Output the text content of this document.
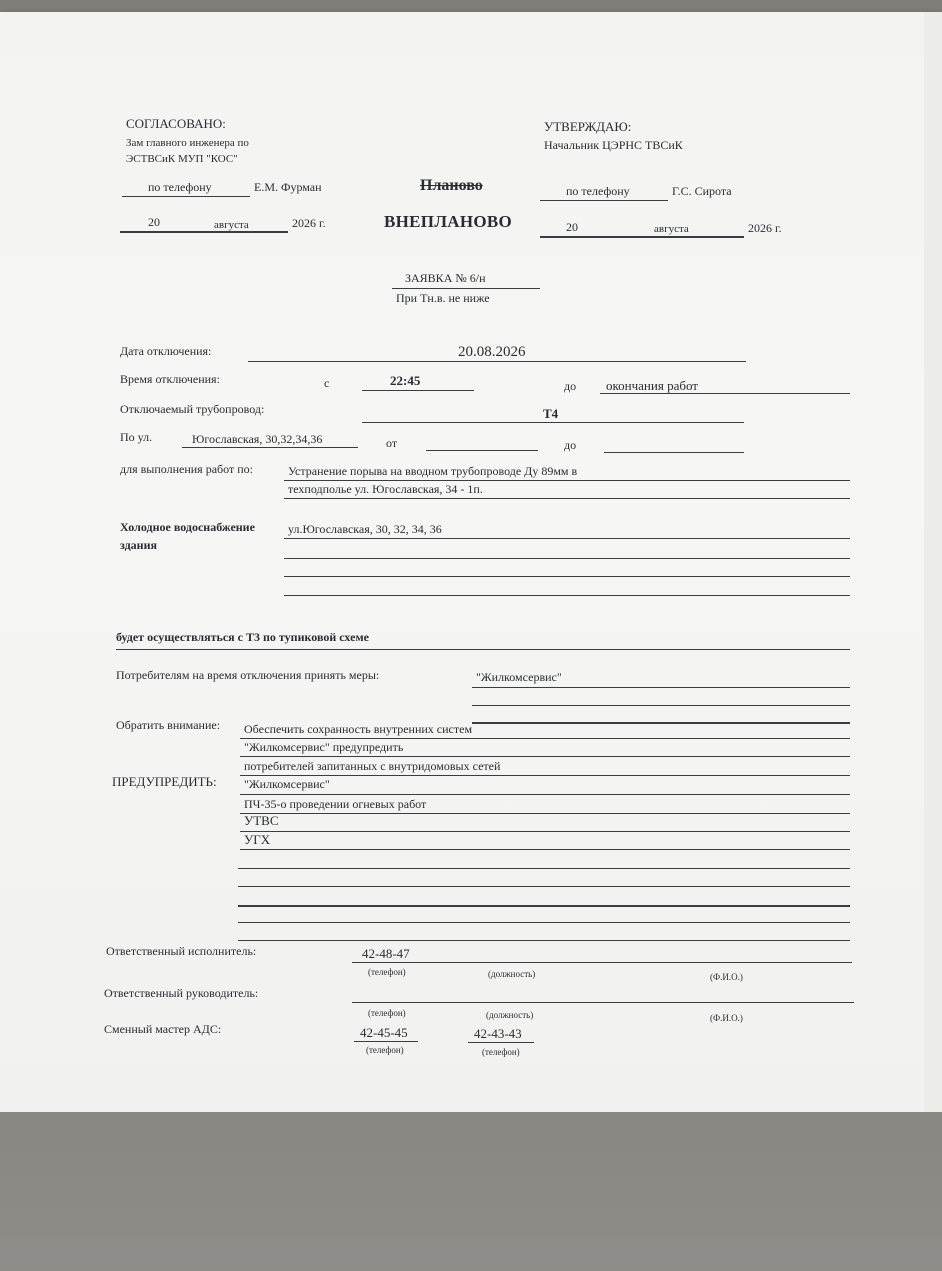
СОГЛАСОВАНО:
Зам главного инженера по
ЭСТВСиК МУП "КОС"
по телефону	Е.М. Фурман
20	августа	2026 г.
Планово
ВНЕПЛАНОВО
УТВЕРЖДАЮ:
Начальник ЦЭРНС ТВСиК
по телефону	Г.С. Сирота
20	августа	2026 г.
ЗАЯВКА № 6/н
При Тн.в. не ниже
Дата отключения:	20.08.2026
Время отключения:	с	22:45	до окончания работ
Отключаемый трубопровод:	Т4
По ул.	Югославская, 30,32,34,36	от	до
для выполнения работ по:	Устранение порыва на вводном трубопроводе Ду 89мм в
техподполье ул. Югославская, 34 - 1п.
Холодное водоснабжение
здания
ул.Югославская, 30, 32, 34, 36
будет осуществляться с Т3 по тупиковой схеме
Потребителям на время отключения принять меры:	"Жилкомсервис"
Обратить внимание: Обеспечить сохранность внутренних систем
"Жилкомсервис" предупредить
потребителей запитанных с внутридомовых сетей
ПРЕДУПРЕДИТЬ: "Жилкомсервис"
ПЧ-35-о проведении огневых работ
УТВС
УГХ
Ответственный исполнитель:	42-48-47
(телефон)	(должность)	(Ф.И.О.)
Ответственный руководитель:
(телефон)	(должность)	(Ф.И.О.)
Сменный мастер АДС:	42-45-45
(телефон)
42-43-43
(телефон)
